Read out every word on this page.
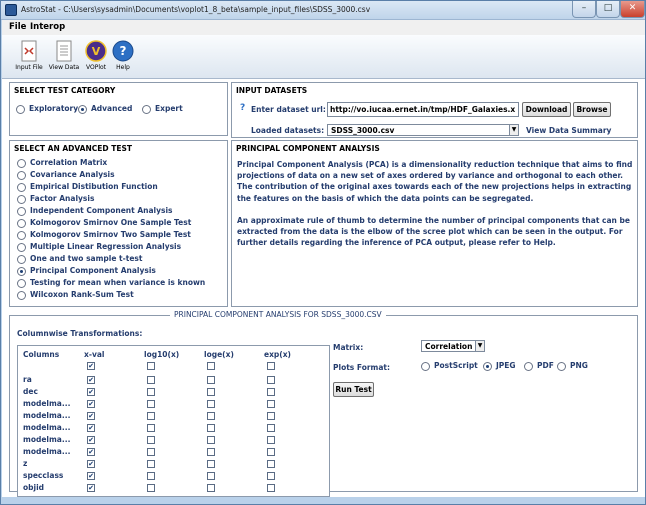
AstroStat - C:\Users\sysadmin\Documents\voplot1_8_beta\sample_input_files\SDSS_3000.csv	–	□	✕
File Interop
Input File	View Data
V
VOPlot
?
Help
SELECT TEST CATEGORY
Exploratory	Advanced	Expert
INPUT DATASETS
? Enter dataset url: http://vo.iucaa.ernet.in/tmp/HDF_Galaxies.x	Download	Browse
Loaded datasets: SDSS_3000.csv	▼ View Data Summary
SELECT AN ADVANCED TEST
Correlation Matrix
Covariance Analysis
Empirical Distibution Function
Factor Analysis
Independent Component Analysis
Kolmogorov Smirnov One Sample Test
Kolmogorov Smirnov Two Sample Test
Multiple Linear Regression Analysis
One and two sample t-test
Principal Component Analysis
Testing for mean when variance is known
Wilcoxon Rank-Sum Test
PRINCIPAL COMPONENT ANALYSIS

Principal Component Analysis (PCA) is a dimensionality reduction technique that aims to find projections of data on a new set of axes ordered by variance and orthogonal to each other. The contribution of the original axes towards each of the new projections helps in extracting the features on the basis of which the data points can be segregated.

An approximate rule of thumb to determine the number of principal components that can be extracted from the data is the elbow of the scree plot which can be seen in the output. For further details regarding the inference of PCA output, please refer to Help.

PRINCIPAL COMPONENT ANALYSIS FOR SDSS_3000.CSV
Columnwise Transformations:
Columns	x-val	log10(x)	loge(x)	exp(x)
✔
ra	✔
dec	✔
modelma...	✔
modelma...	✔
modelma...	✔
modelma...	✔
modelma...	✔
z	✔
specclass	✔
objid	✔
Matrix:	Correlation ▼
Plots Format:	PostScript	JPEG	PDF	PNG
Run Test
